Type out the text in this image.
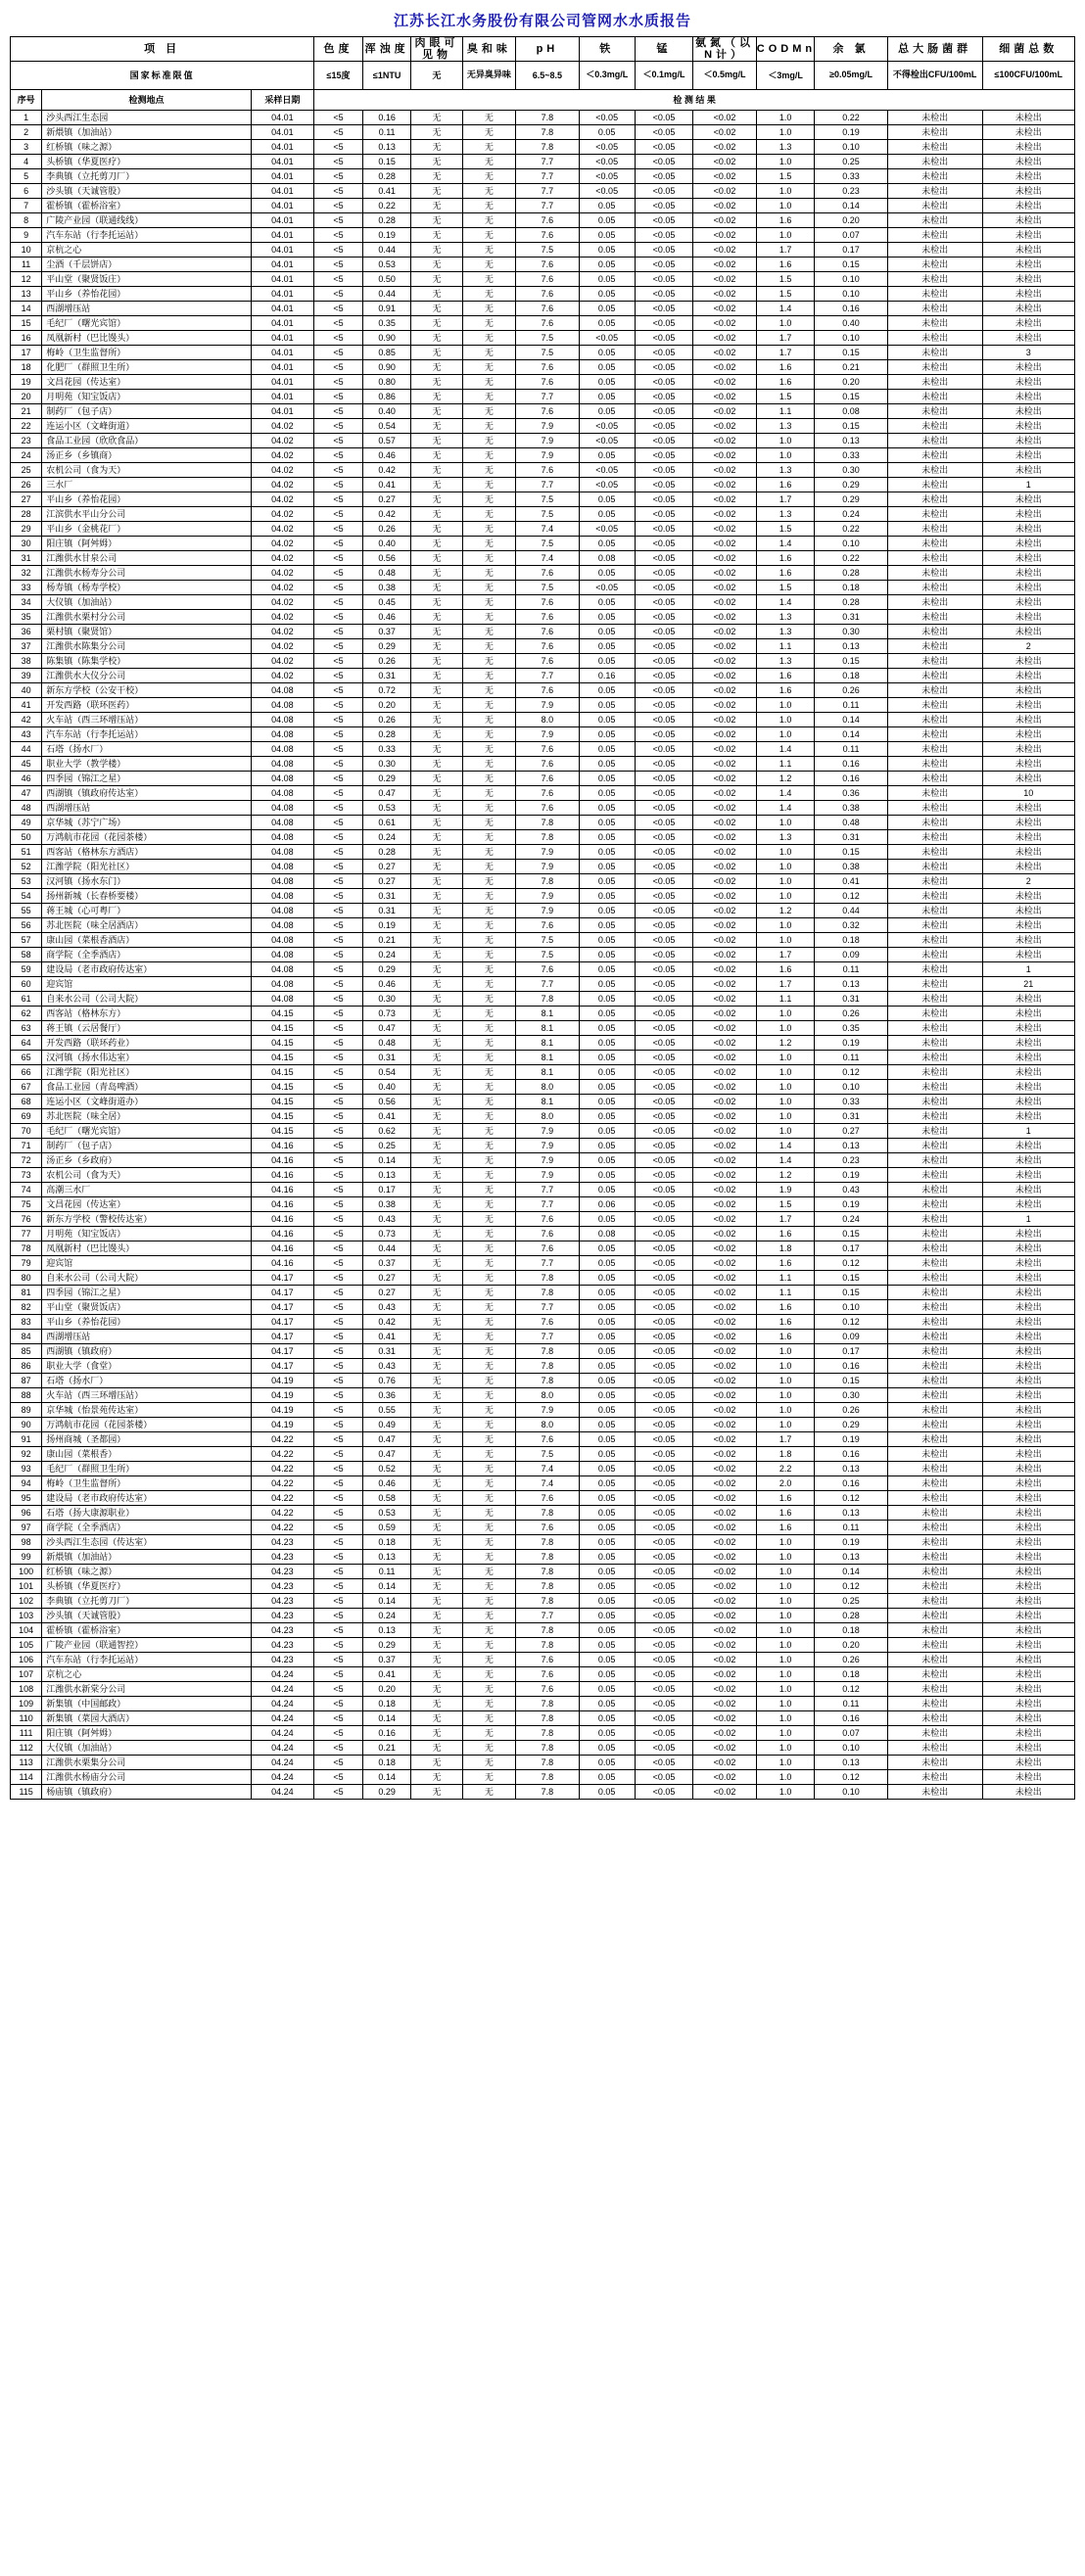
江苏长江水务股份有限公司管网水水质报告
项 目			色度	浑浊度	肉眼可见物	臭和味	pH	铁	锰	氨氮（以N计）	CODMn	余 氯	总大肠菌群	细菌总数
国家标准限值			≤15度	≤1NTU	无	无异臭异味	6.5~8.5	＜0.3mg/L	＜0.1mg/L	＜0.5mg/L	＜3mg/L	≥0.05mg/L	不得检出CFU/100mL	≤100CFU/100mL
序号	检测地点	采样日期	检 测 结 果											
1	沙头西江生态园	04.01	<5	0.16	无	无	7.8	<0.05	<0.05	<0.02	1.0	0.22	未检出	未检出
2	新煨镇（加油站）	04.01	<5	0.11	无	无	7.8	0.05	<0.05	<0.02	1.0	0.19	未检出	未检出
3	红桥镇（味之源）	04.01	<5	0.13	无	无	7.8	<0.05	<0.05	<0.02	1.3	0.10	未检出	未检出
4	头桥镇（华夏医疗）	04.01	<5	0.15	无	无	7.7	<0.05	<0.05	<0.02	1.0	0.25	未检出	未检出
5	李典镇（立托剪刀厂）	04.01	<5	0.28	无	无	7.7	<0.05	<0.05	<0.02	1.5	0.33	未检出	未检出
6	沙头镇（天诚管股）	04.01	<5	0.41	无	无	7.7	<0.05	<0.05	<0.02	1.0	0.23	未检出	未检出
7	霍桥镇（霍桥浴室）	04.01	<5	0.22	无	无	7.7	0.05	<0.05	<0.02	1.0	0.14	未检出	未检出
8	广陵产业园（联通线线）	04.01	<5	0.28	无	无	7.6	0.05	<0.05	<0.02	1.6	0.20	未检出	未检出
9	汽车东站（行李托运站）	04.01	<5	0.19	无	无	7.6	0.05	<0.05	<0.02	1.0	0.07	未检出	未检出
10	京杭之心	04.01	<5	0.44	无	无	7.5	0.05	<0.05	<0.02	1.7	0.17	未检出	未检出
11	尘酒（千层饼店）	04.01	<5	0.53	无	无	7.6	0.05	<0.05	<0.02	1.6	0.15	未检出	未检出
12	平山堂（聚贤饭庄）	04.01	<5	0.50	无	无	7.6	0.05	<0.05	<0.02	1.5	0.10	未检出	未检出
13	平山乡（养怡花园）	04.01	<5	0.44	无	无	7.6	0.05	<0.05	<0.02	1.5	0.10	未检出	未检出
14	西湖增压站	04.01	<5	0.91	无	无	7.6	0.05	<0.05	<0.02	1.4	0.16	未检出	未检出
15	毛纪厂（曙光宾馆）	04.01	<5	0.35	无	无	7.6	0.05	<0.05	<0.02	1.0	0.40	未检出	未检出
16	凤凰新村（巴比馒头）	04.01	<5	0.90	无	无	7.5	<0.05	<0.05	<0.02	1.7	0.10	未检出	未检出
17	梅岭（卫生监督所）	04.01	<5	0.85	无	无	7.5	0.05	<0.05	<0.02	1.7	0.15	未检出	3
18	化肥厂（群照卫生所）	04.01	<5	0.90	无	无	7.6	0.05	<0.05	<0.02	1.6	0.21	未检出	未检出
19	文昌花园（传达室）	04.01	<5	0.80	无	无	7.6	0.05	<0.05	<0.02	1.6	0.20	未检出	未检出
20	月明苑（知宝饭店）	04.01	<5	0.86	无	无	7.7	0.05	<0.05	<0.02	1.5	0.15	未检出	未检出
21	制药厂（包子店）	04.01	<5	0.40	无	无	7.6	0.05	<0.05	<0.02	1.1	0.08	未检出	未检出
22	连运小区（文峰街道）	04.02	<5	0.54	无	无	7.9	<0.05	<0.05	<0.02	1.3	0.15	未检出	未检出
23	食品工业园（欣欣食品）	04.02	<5	0.57	无	无	7.9	<0.05	<0.05	<0.02	1.0	0.13	未检出	未检出
24	汤正乡（乡镇商）	04.02	<5	0.46	无	无	7.9	0.05	<0.05	<0.02	1.0	0.33	未检出	未检出
25	农机公司（食为天）	04.02	<5	0.42	无	无	7.6	<0.05	<0.05	<0.02	1.3	0.30	未检出	未检出
26	三水厂	04.02	<5	0.41	无	无	7.7	<0.05	<0.05	<0.02	1.6	0.29	未检出	1
27	平山乡（养怡花园）	04.02	<5	0.27	无	无	7.5	0.05	<0.05	<0.02	1.7	0.29	未检出	未检出
28	江滨供水平山分公司	04.02	<5	0.42	无	无	7.5	0.05	<0.05	<0.02	1.3	0.24	未检出	未检出
29	平山乡（金桃花厂）	04.02	<5	0.26	无	无	7.4	<0.05	<0.05	<0.02	1.5	0.22	未检出	未检出
30	阳庄镇（阿舛姆）	04.02	<5	0.40	无	无	7.5	0.05	<0.05	<0.02	1.4	0.10	未检出	未检出
31	江潍供水甘泉公司	04.02	<5	0.56	无	无	7.4	0.08	<0.05	<0.02	1.6	0.22	未检出	未检出
32	江潍供水杨寿分公司	04.02	<5	0.48	无	无	7.6	0.05	<0.05	<0.02	1.6	0.28	未检出	未检出
33	杨寿镇（杨寿学校）	04.02	<5	0.38	无	无	7.5	<0.05	<0.05	<0.02	1.5	0.18	未检出	未检出
34	大仪镇（加油站）	04.02	<5	0.45	无	无	7.6	0.05	<0.05	<0.02	1.4	0.28	未检出	未检出
35	江潍供水栗村分公司	04.02	<5	0.46	无	无	7.6	0.05	<0.05	<0.02	1.3	0.31	未检出	未检出
36	栗村镇（聚贤馆）	04.02	<5	0.37	无	无	7.6	0.05	<0.05	<0.02	1.3	0.30	未检出	未检出
37	江潍供水陈集分公司	04.02	<5	0.29	无	无	7.6	0.05	<0.05	<0.02	1.1	0.13	未检出	2
38	陈集镇（陈集学校）	04.02	<5	0.26	无	无	7.6	0.05	<0.05	<0.02	1.3	0.15	未检出	未检出
39	江潍供水大仪分公司	04.02	<5	0.31	无	无	7.7	0.16	<0.05	<0.02	1.6	0.18	未检出	未检出
40	新东方学校（公安干校）	04.08	<5	0.72	无	无	7.6	0.05	<0.05	<0.02	1.6	0.26	未检出	未检出
41	开发西路（联环医药）	04.08	<5	0.20	无	无	7.9	0.05	<0.05	<0.02	1.0	0.11	未检出	未检出
42	火车站（西三环增压站）	04.08	<5	0.26	无	无	8.0	0.05	<0.05	<0.02	1.0	0.14	未检出	未检出
43	汽车东站（行李托运站）	04.08	<5	0.28	无	无	7.9	0.05	<0.05	<0.02	1.0	0.14	未检出	未检出
44	石塔（扬水厂）	04.08	<5	0.33	无	无	7.6	0.05	<0.05	<0.02	1.4	0.11	未检出	未检出
45	职业大学（教学楼）	04.08	<5	0.30	无	无	7.6	0.05	<0.05	<0.02	1.1	0.16	未检出	未检出
46	四季园（锦江之星）	04.08	<5	0.29	无	无	7.6	0.05	<0.05	<0.02	1.2	0.16	未检出	未检出
47	西湖镇（镇政府传达室）	04.08	<5	0.47	无	无	7.6	0.05	<0.05	<0.02	1.4	0.36	未检出	10
48	西湖增压站	04.08	<5	0.53	无	无	7.6	0.05	<0.05	<0.02	1.4	0.38	未检出	未检出
49	京华城（苏宁广场）	04.08	<5	0.61	无	无	7.8	0.05	<0.05	<0.02	1.0	0.48	未检出	未检出
50	万鸿航市花园（花园茶楼）	04.08	<5	0.24	无	无	7.8	0.05	<0.05	<0.02	1.3	0.31	未检出	未检出
51	西客站（格林东方酒店）	04.08	<5	0.28	无	无	7.9	0.05	<0.05	<0.02	1.0	0.15	未检出	未检出
52	江潍学院（阳光社区）	04.08	<5	0.27	无	无	7.9	0.05	<0.05	<0.02	1.0	0.38	未检出	未检出
53	汉河镇（扬水东门）	04.08	<5	0.27	无	无	7.8	0.05	<0.05	<0.02	1.0	0.41	未检出	2
54	扬州新城（长春桥要楼）	04.08	<5	0.31	无	无	7.9	0.05	<0.05	<0.02	1.0	0.12	未检出	未检出
55	蒋王城（心可粤厂）	04.08	<5	0.31	无	无	7.9	0.05	<0.05	<0.02	1.2	0.44	未检出	未检出
56	苏北医院（味全居酒店）	04.08	<5	0.19	无	无	7.6	0.05	<0.05	<0.02	1.0	0.32	未检出	未检出
57	康山园（菜根香酒店）	04.08	<5	0.21	无	无	7.5	0.05	<0.05	<0.02	1.0	0.18	未检出	未检出
58	商学院（全季酒店）	04.08	<5	0.24	无	无	7.5	0.05	<0.05	<0.02	1.7	0.09	未检出	未检出
59	建设局（老市政府传达室）	04.08	<5	0.29	无	无	7.6	0.05	<0.05	<0.02	1.6	0.11	未检出	1
60	迎宾馆	04.08	<5	0.46	无	无	7.7	0.05	<0.05	<0.02	1.7	0.13	未检出	21
61	自来水公司（公司大院）	04.08	<5	0.30	无	无	7.8	0.05	<0.05	<0.02	1.1	0.31	未检出	未检出
62	西客站（格林东方）	04.15	<5	0.73	无	无	8.1	0.05	<0.05	<0.02	1.0	0.26	未检出	未检出
63	蒋王镇（云居餐厅）	04.15	<5	0.47	无	无	8.1	0.05	<0.05	<0.02	1.0	0.35	未检出	未检出
64	开发西路（联环药业）	04.15	<5	0.48	无	无	8.1	0.05	<0.05	<0.02	1.2	0.19	未检出	未检出
65	汉河镇（扬水伟达室）	04.15	<5	0.31	无	无	8.1	0.05	<0.05	<0.02	1.0	0.11	未检出	未检出
66	江潍学院（阳光社区）	04.15	<5	0.54	无	无	8.1	0.05	<0.05	<0.02	1.0	0.12	未检出	未检出
67	食品工业园（青岛啤酒）	04.15	<5	0.40	无	无	8.0	0.05	<0.05	<0.02	1.0	0.10	未检出	未检出
68	连运小区（文峰街道办）	04.15	<5	0.56	无	无	8.1	0.05	<0.05	<0.02	1.0	0.33	未检出	未检出
69	苏北医院（味全居）	04.15	<5	0.41	无	无	8.0	0.05	<0.05	<0.02	1.0	0.31	未检出	未检出
70	毛纪厂（曙光宾馆）	04.15	<5	0.62	无	无	7.9	0.05	<0.05	<0.02	1.0	0.27	未检出	1
71	制药厂（包子店）	04.16	<5	0.25	无	无	7.9	0.05	<0.05	<0.02	1.4	0.13	未检出	未检出
72	汤正乡（乡政府）	04.16	<5	0.14	无	无	7.9	0.05	<0.05	<0.02	1.4	0.23	未检出	未检出
73	农机公司（食为天）	04.16	<5	0.13	无	无	7.9	0.05	<0.05	<0.02	1.2	0.19	未检出	未检出
74	高潮三水厂	04.16	<5	0.17	无	无	7.7	0.05	<0.05	<0.02	1.9	0.43	未检出	未检出
75	文昌花园（传达室）	04.16	<5	0.38	无	无	7.7	0.06	<0.05	<0.02	1.5	0.19	未检出	未检出
76	新东方学校（警校传达室）	04.16	<5	0.43	无	无	7.6	0.05	<0.05	<0.02	1.7	0.24	未检出	1
77	月明苑（知宝饭店）	04.16	<5	0.73	无	无	7.6	0.08	<0.05	<0.02	1.6	0.15	未检出	未检出
78	凤凰新村（巴比馒头）	04.16	<5	0.44	无	无	7.6	0.05	<0.05	<0.02	1.8	0.17	未检出	未检出
79	迎宾馆	04.16	<5	0.37	无	无	7.7	0.05	<0.05	<0.02	1.6	0.12	未检出	未检出
80	自来水公司（公司大院）	04.17	<5	0.27	无	无	7.8	0.05	<0.05	<0.02	1.1	0.15	未检出	未检出
81	四季园（锦江之星）	04.17	<5	0.27	无	无	7.8	0.05	<0.05	<0.02	1.1	0.15	未检出	未检出
82	平山堂（聚贤饭店）	04.17	<5	0.43	无	无	7.7	0.05	<0.05	<0.02	1.6	0.10	未检出	未检出
83	平山乡（养怡花园）	04.17	<5	0.42	无	无	7.6	0.05	<0.05	<0.02	1.6	0.12	未检出	未检出
84	西湖增压站	04.17	<5	0.41	无	无	7.7	0.05	<0.05	<0.02	1.6	0.09	未检出	未检出
85	西湖镇（镇政府）	04.17	<5	0.31	无	无	7.8	0.05	<0.05	<0.02	1.0	0.17	未检出	未检出
86	职业大学（食堂）	04.17	<5	0.43	无	无	7.8	0.05	<0.05	<0.02	1.0	0.16	未检出	未检出
87	石塔（扬水厂）	04.19	<5	0.76	无	无	7.8	0.05	<0.05	<0.02	1.0	0.15	未检出	未检出
88	火车站（西三环增压站）	04.19	<5	0.36	无	无	8.0	0.05	<0.05	<0.02	1.0	0.30	未检出	未检出
89	京华城（怡景苑传达室）	04.19	<5	0.55	无	无	7.9	0.05	<0.05	<0.02	1.0	0.26	未检出	未检出
90	万鸿航市花园（花园茶楼）	04.19	<5	0.49	无	无	8.0	0.05	<0.05	<0.02	1.0	0.29	未检出	未检出
91	扬州商城（圣都园）	04.22	<5	0.47	无	无	7.6	0.05	<0.05	<0.02	1.7	0.19	未检出	未检出
92	康山园（菜根香）	04.22	<5	0.47	无	无	7.5	0.05	<0.05	<0.02	1.8	0.16	未检出	未检出
93	毛纪厂（群照卫生所）	04.22	<5	0.52	无	无	7.4	0.05	<0.05	<0.02	2.2	0.13	未检出	未检出
94	梅岭（卫生监督所）	04.22	<5	0.46	无	无	7.4	0.05	<0.05	<0.02	2.0	0.16	未检出	未检出
95	建设局（老市政府传达室）	04.22	<5	0.58	无	无	7.6	0.05	<0.05	<0.02	1.6	0.12	未检出	未检出
96	石塔（扬大康源职业）	04.22	<5	0.53	无	无	7.8	0.05	<0.05	<0.02	1.6	0.13	未检出	未检出
97	商学院（全季酒店）	04.22	<5	0.59	无	无	7.6	0.05	<0.05	<0.02	1.6	0.11	未检出	未检出
98	沙头西江生态园（传达室）	04.23	<5	0.18	无	无	7.8	0.05	<0.05	<0.02	1.0	0.19	未检出	未检出
99	新煨镇（加油站）	04.23	<5	0.13	无	无	7.8	0.05	<0.05	<0.02	1.0	0.13	未检出	未检出
100	红桥镇（味之源）	04.23	<5	0.11	无	无	7.8	0.05	<0.05	<0.02	1.0	0.14	未检出	未检出
101	头桥镇（华夏医疗）	04.23	<5	0.14	无	无	7.8	0.05	<0.05	<0.02	1.0	0.12	未检出	未检出
102	李典镇（立托剪刀厂）	04.23	<5	0.14	无	无	7.8	0.05	<0.05	<0.02	1.0	0.25	未检出	未检出
103	沙头镇（天诚管股）	04.23	<5	0.24	无	无	7.7	0.05	<0.05	<0.02	1.0	0.28	未检出	未检出
104	霍桥镇（霍桥浴室）	04.23	<5	0.13	无	无	7.8	0.05	<0.05	<0.02	1.0	0.18	未检出	未检出
105	广陵产业园（联通智控）	04.23	<5	0.29	无	无	7.8	0.05	<0.05	<0.02	1.0	0.20	未检出	未检出
106	汽车东站（行李托运站）	04.23	<5	0.37	无	无	7.6	0.05	<0.05	<0.02	1.0	0.26	未检出	未检出
107	京杭之心	04.24	<5	0.41	无	无	7.6	0.05	<0.05	<0.02	1.0	0.18	未检出	未检出
108	江潍供水新棠分公司	04.24	<5	0.20	无	无	7.6	0.05	<0.05	<0.02	1.0	0.12	未检出	未检出
109	新集镇（中国邮政）	04.24	<5	0.18	无	无	7.8	0.05	<0.05	<0.02	1.0	0.11	未检出	未检出
110	新集镇（菜园大酒店）	04.24	<5	0.14	无	无	7.8	0.05	<0.05	<0.02	1.0	0.16	未检出	未检出
111	阳庄镇（阿舛姆）	04.24	<5	0.16	无	无	7.8	0.05	<0.05	<0.02	1.0	0.07	未检出	未检出
112	大仪镇（加油站）	04.24	<5	0.21	无	无	7.8	0.05	<0.05	<0.02	1.0	0.10	未检出	未检出
113	江潍供水栗集分公司	04.24	<5	0.18	无	无	7.8	0.05	<0.05	<0.02	1.0	0.13	未检出	未检出
114	江潍供水杨庙分公司	04.24	<5	0.14	无	无	7.8	0.05	<0.05	<0.02	1.0	0.12	未检出	未检出
115	杨庙镇（镇政府）	04.24	<5	0.29	无	无	7.8	0.05	<0.05	<0.02	1.0	0.10	未检出	未检出
